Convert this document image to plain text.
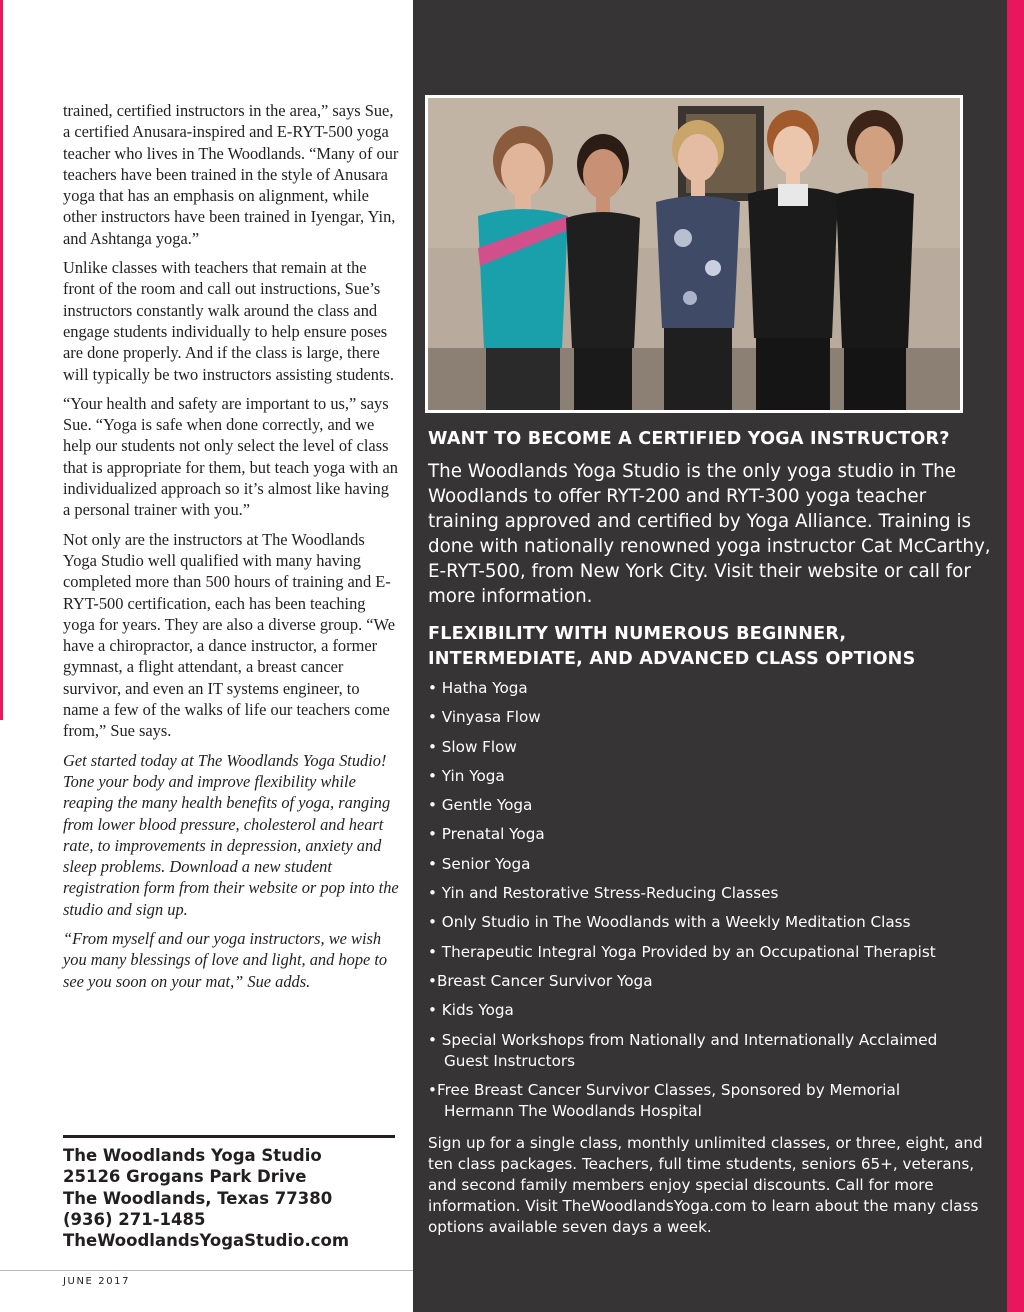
trained, certified instructors in the area,” says Sue, a certified Anusara-inspired and E-RYT-500 yoga teacher who lives in The Woodlands. “Many of our teachers have been trained in the style of Anusara yoga that has an emphasis on alignment, while other instructors have been trained in Iyengar, Yin, and Ashtanga yoga.”

Unlike classes with teachers that remain at the front of the room and call out instructions, Sue’s instructors constantly walk around the class and engage students individually to help ensure poses are done properly. And if the class is large, there will typically be two instructors assisting students.

“Your health and safety are important to us,” says Sue. “Yoga is safe when done correctly, and we help our students not only select the level of class that is appropriate for them, but teach yoga with an individualized approach so it’s almost like having a personal trainer with you.”

Not only are the instructors at The Woodlands Yoga Studio well qualified with many having completed more than 500 hours of training and E-RYT-500 certification, each has been teaching yoga for years. They are also a diverse group. “We have a chiropractor, a dance instructor, a former gymnast, a flight attendant, a breast cancer survivor, and even an IT systems engineer, to name a few of the walks of life our teachers come from,” Sue says.

Get started today at The Woodlands Yoga Studio! Tone your body and improve flexibility while reaping the many health benefits of yoga, ranging from lower blood pressure, cholesterol and heart rate, to improvements in depression, anxiety and sleep problems. Download a new student registration form from their website or pop into the studio and sign up.

“From myself and our yoga instructors, we wish you many blessings of love and light, and hope to see you soon on your mat,” Sue adds.

The Woodlands Yoga Studio
25126 Grogans Park Drive
The Woodlands, Texas 77380
(936) 271-1485
TheWoodlandsYogaStudio.com
JUNE 2017
WANT TO BECOME A CERTIFIED YOGA INSTRUCTOR?
The Woodlands Yoga Studio is the only yoga studio in The Woodlands to offer RYT-200 and RYT-300 yoga teacher training approved and certified by Yoga Alliance. Training is done with nationally renowned yoga instructor Cat McCarthy, E-RYT-500, from New York City. Visit their website or call for more information.
FLEXIBILITY WITH NUMEROUS BEGINNER,
INTERMEDIATE, AND ADVANCED CLASS OPTIONS
• Hatha Yoga
• Vinyasa Flow
• Slow Flow
• Yin Yoga
• Gentle Yoga
• Prenatal Yoga
• Senior Yoga
• Yin and Restorative Stress-Reducing Classes
• Only Studio in The Woodlands with a Weekly Meditation Class
• Therapeutic Integral Yoga Provided by an Occupational Therapist
•Breast Cancer Survivor Yoga
• Kids Yoga
• Special Workshops from Nationally and Internationally Acclaimed
Guest Instructors
•Free Breast Cancer Survivor Classes, Sponsored by Memorial
Hermann The Woodlands Hospital
Sign up for a single class, monthly unlimited classes, or three, eight, and ten class packages. Teachers, full time students, seniors 65+, veterans, and second family members enjoy special discounts. Call for more information. Visit TheWoodlandsYoga.com to learn about the many class options available seven days a week.
